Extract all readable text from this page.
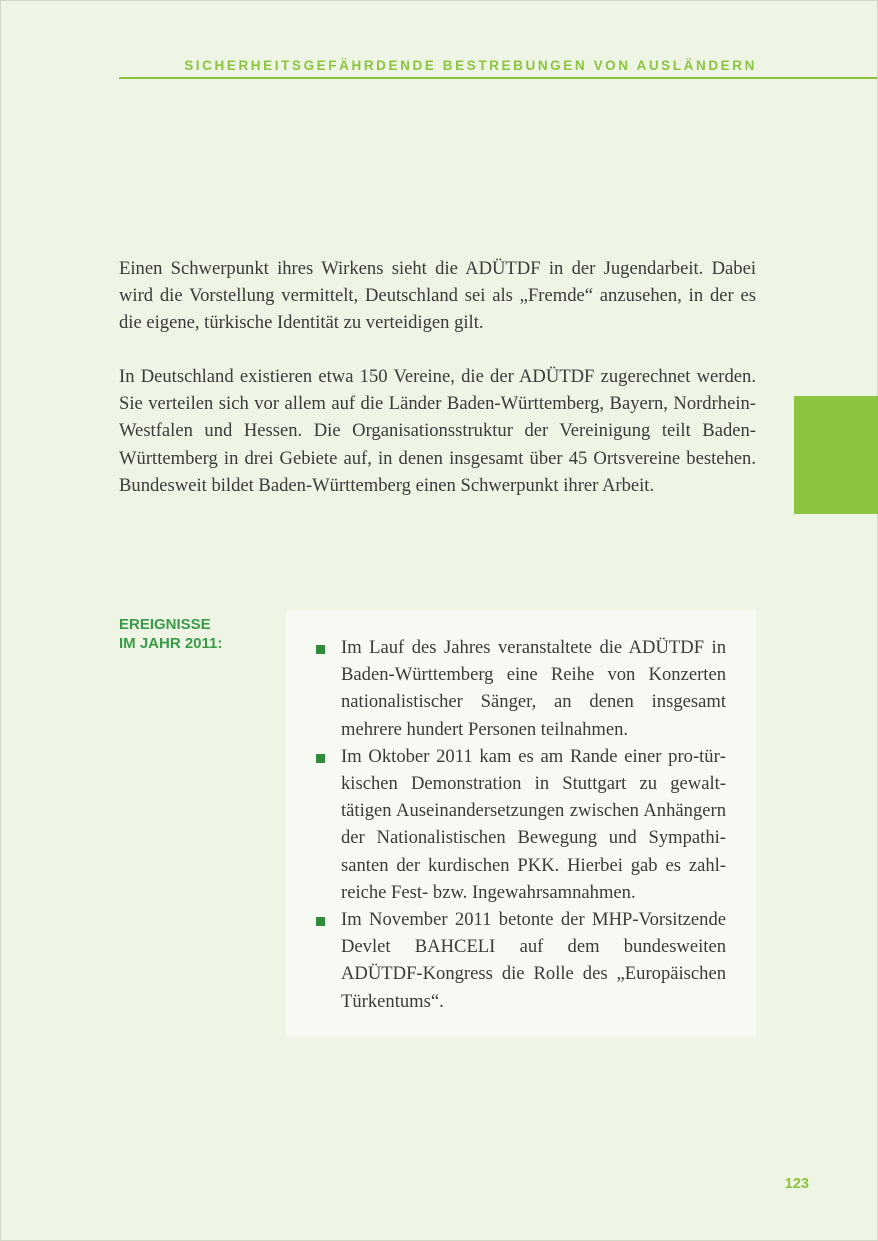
SICHERHEITSGEFÄHRDENDE BESTREBUNGEN VON AUSLÄNDERN

Einen Schwerpunkt ihres Wirkens sieht die ADÜTDF in der Jugendarbeit. Dabei wird die Vorstellung vermittelt, Deutschland sei als „Fremde“ anzusehen, in der es die eigene, türkische Identität zu verteidigen gilt.

In Deutschland existieren etwa 150 Vereine, die der ADÜTDF zugerechnet werden. Sie verteilen sich vor allem auf die Länder Baden-Württemberg, Bayern, Nordrhein-Westfalen und Hessen. Die Organisationsstruktur der Vereinigung teilt Baden-Württemberg in drei Gebiete auf, in denen insgesamt über 45 Ortsvereine bestehen. Bundesweit bildet Baden-Württemberg einen Schwerpunkt ihrer Arbeit.

EREIGNISSE
IM JAHR 2011:	Im Lauf des Jahres veranstaltete die ADÜTDF in Baden-Württemberg eine Reihe von Konzerten nationalistischer Sänger, an denen insgesamt mehrere hundert Personen teilnahmen.
Im Oktober 2011 kam es am Rande einer pro-türkischen Demonstration in Stuttgart zu gewalttätigen Auseinandersetzungen zwischen Anhängern der Nationalistischen Bewegung und Sympathisanten der kurdischen PKK. Hierbei gab es zahlreiche Fest- bzw. Ingewahrsamnahmen.
Im November 2011 betonte der MHP-Vorsitzende Devlet BAHCELI auf dem bundesweiten ADÜTDF-Kongress die Rolle des „Europäischen Türkentums“.
123
